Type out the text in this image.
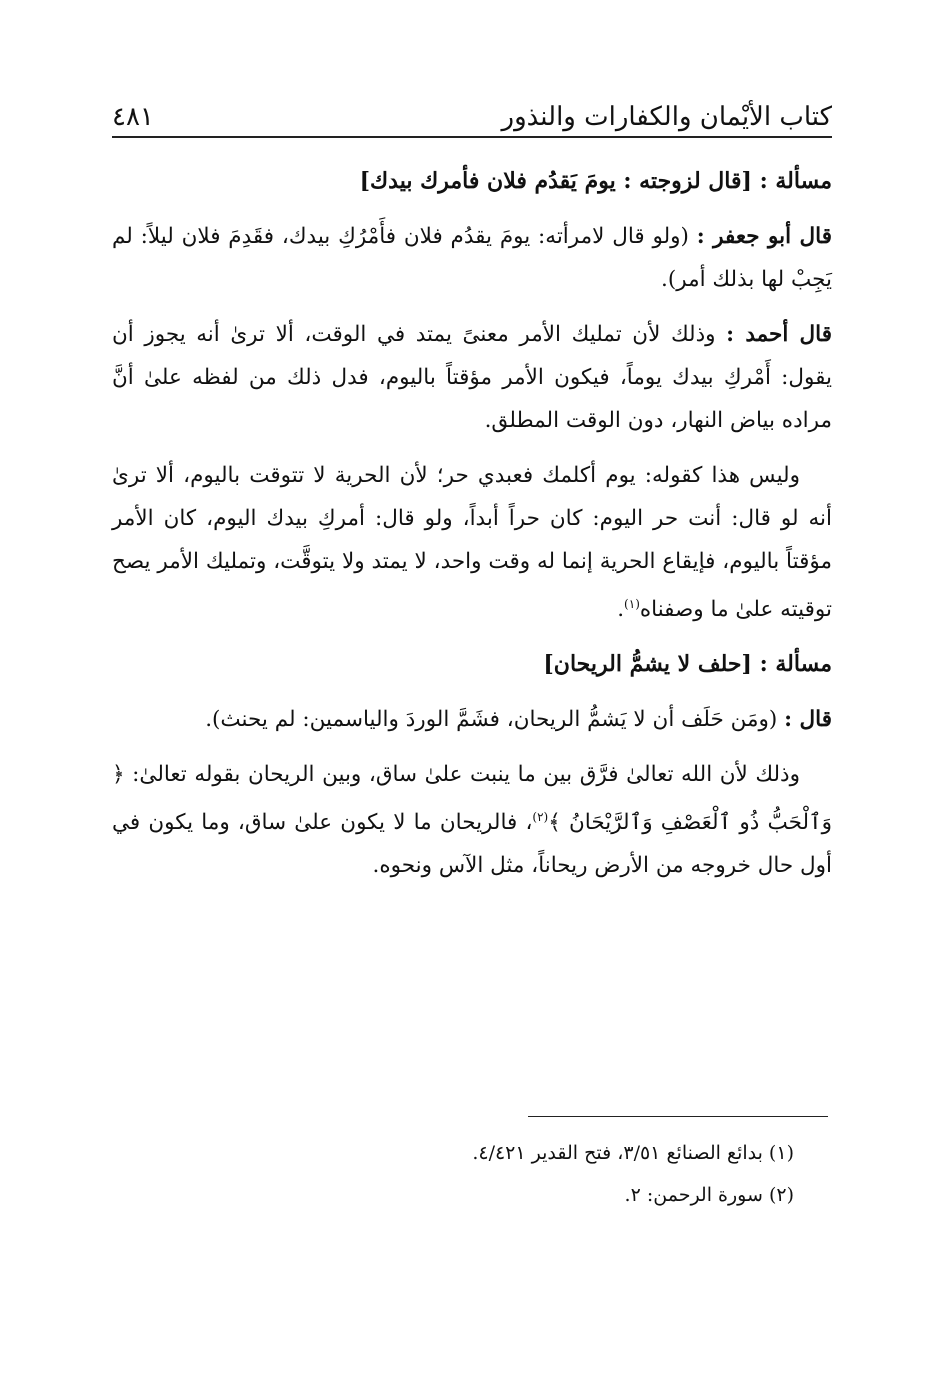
كتاب الأيْمان والكفارات والنذور
٤٨١

مسألة : [قال لزوجته : يومَ يَقدُم فلان فأمرك بيدك]

قال أبو جعفر : (ولو قال لامرأته: يومَ يقدُم فلان فأَمْرُكِ بيدك، فقَدِمَ فلان ليلاً: لم يَجِبْ لها بذلك أمر).

قال أحمد : وذلك لأن تمليك الأمر معنىً يمتد في الوقت، ألا ترىٰ أنه يجوز أن يقول: أَمْركِ بيدك يوماً، فيكون الأمر مؤقتاً باليوم، فدل ذلك من لفظه علىٰ أنَّ مراده بياض النهار، دون الوقت المطلق.

وليس هذا كقوله: يوم أكلمك فعبدي حر؛ لأن الحرية لا تتوقت باليوم، ألا ترىٰ أنه لو قال: أنت حر اليوم: كان حراً أبداً، ولو قال: أمركِ بيدك اليوم، كان الأمر مؤقتاً باليوم، فإيقاع الحرية إنما له وقت واحد، لا يمتد ولا يتوقَّت، وتمليك الأمر يصح توقيته علىٰ ما وصفناه$^{(١)}$.

مسألة : [حلف لا يشمُّ الريحان]

قال : (ومَن حَلَف أن لا يَشمُّ الريحان، فشَمَّ الوردَ والياسمين: لم يحنث).

وذلك لأن الله تعالىٰ فرَّق بين ما ينبت علىٰ ساق، وبين الريحان بقوله تعالىٰ: ﴿ وَٱلْحَبُّ ذُو ٱلْعَصْفِ وَٱلرَّيْحَانُ ﴾$^{(٢)}$، فالريحان ما لا يكون علىٰ ساق، وما يكون في أول حال خروجه من الأرض ريحاناً، مثل الآس ونحوه.

(١) بدائع الصنائع ٣/٥١، فتح القدير ٤/٤٢١.

(٢) سورة الرحمن: ٢.
